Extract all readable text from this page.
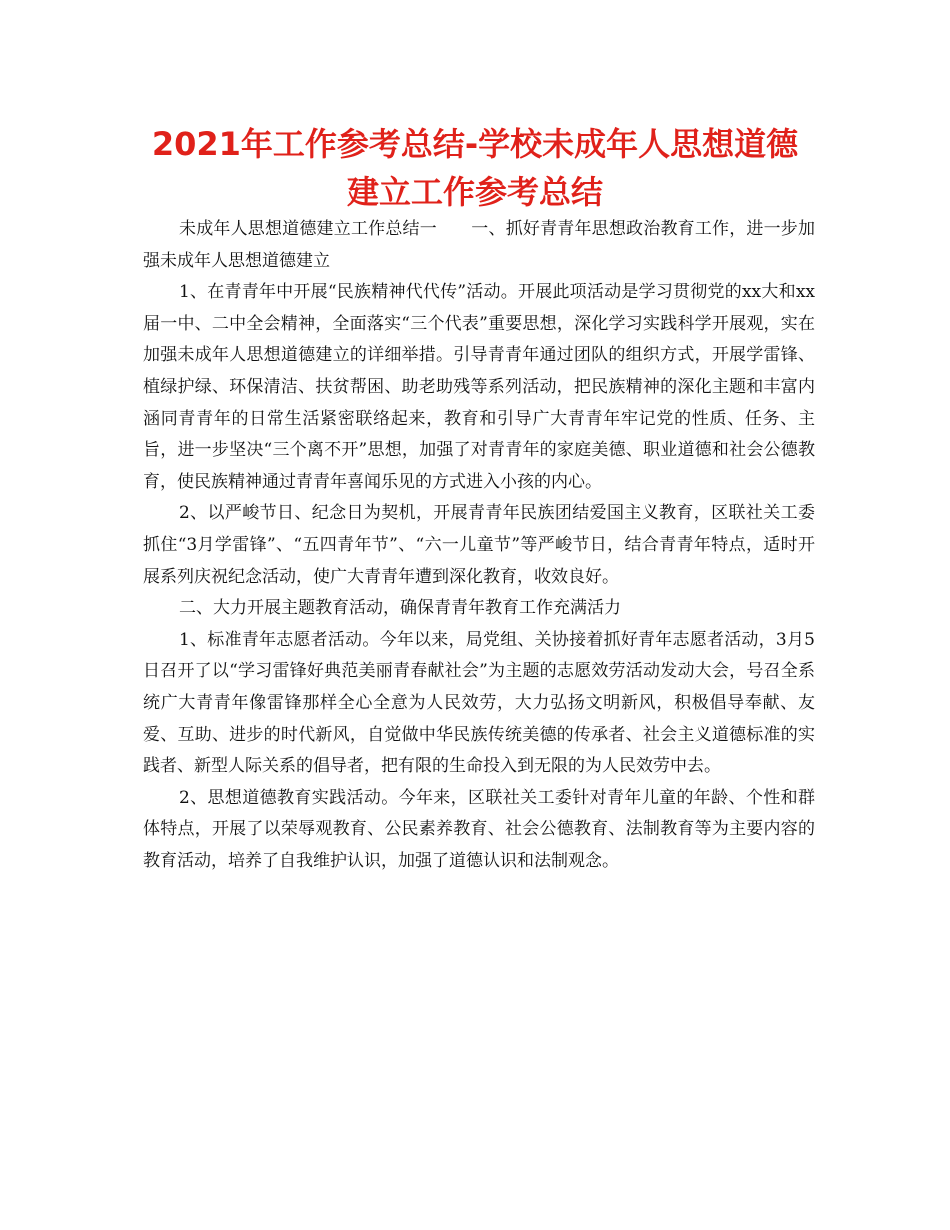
2021年工作参考总结-学校未成年人思想道德建立工作参考总结

未成年人思想道德建立工作总结一　　一、抓好青青年思想政治教育工作，进一步加强未成年人思想道德建立

1、在青青年中开展“民族精神代代传”活动。开展此项活动是学习贯彻党的xx大和xx届一中、二中全会精神，全面落实“三个代表”重要思想，深化学习实践科学开展观，实在加强未成年人思想道德建立的详细举措。引导青青年通过团队的组织方式，开展学雷锋、植绿护绿、环保清洁、扶贫帮困、助老助残等系列活动，把民族精神的深化主题和丰富内涵同青青年的日常生活紧密联络起来，教育和引导广大青青年牢记党的性质、任务、主旨，进一步坚决“三个离不开”思想，加强了对青青年的家庭美德、职业道德和社会公德教育，使民族精神通过青青年喜闻乐见的方式进入小孩的内心。

2、以严峻节日、纪念日为契机，开展青青年民族团结爱国主义教育，区联社关工委抓住“3月学雷锋”、“五四青年节”、“六一儿童节”等严峻节日，结合青青年特点，适时开展系列庆祝纪念活动，使广大青青年遭到深化教育，收效良好。

二、大力开展主题教育活动，确保青青年教育工作充满活力

1、标准青年志愿者活动。今年以来，局党组、关协接着抓好青年志愿者活动，3月5日召开了以“学习雷锋好典范美丽青春献社会”为主题的志愿效劳活动发动大会，号召全系统广大青青年像雷锋那样全心全意为人民效劳，大力弘扬文明新风，积极倡导奉献、友爱、互助、进步的时代新风，自觉做中华民族传统美德的传承者、社会主义道德标准的实践者、新型人际关系的倡导者，把有限的生命投入到无限的为人民效劳中去。

2、思想道德教育实践活动。今年来，区联社关工委针对青年儿童的年龄、个性和群体特点，开展了以荣辱观教育、公民素养教育、社会公德教育、法制教育等为主要内容的教育活动，培养了自我维护认识，加强了道德认识和法制观念。
